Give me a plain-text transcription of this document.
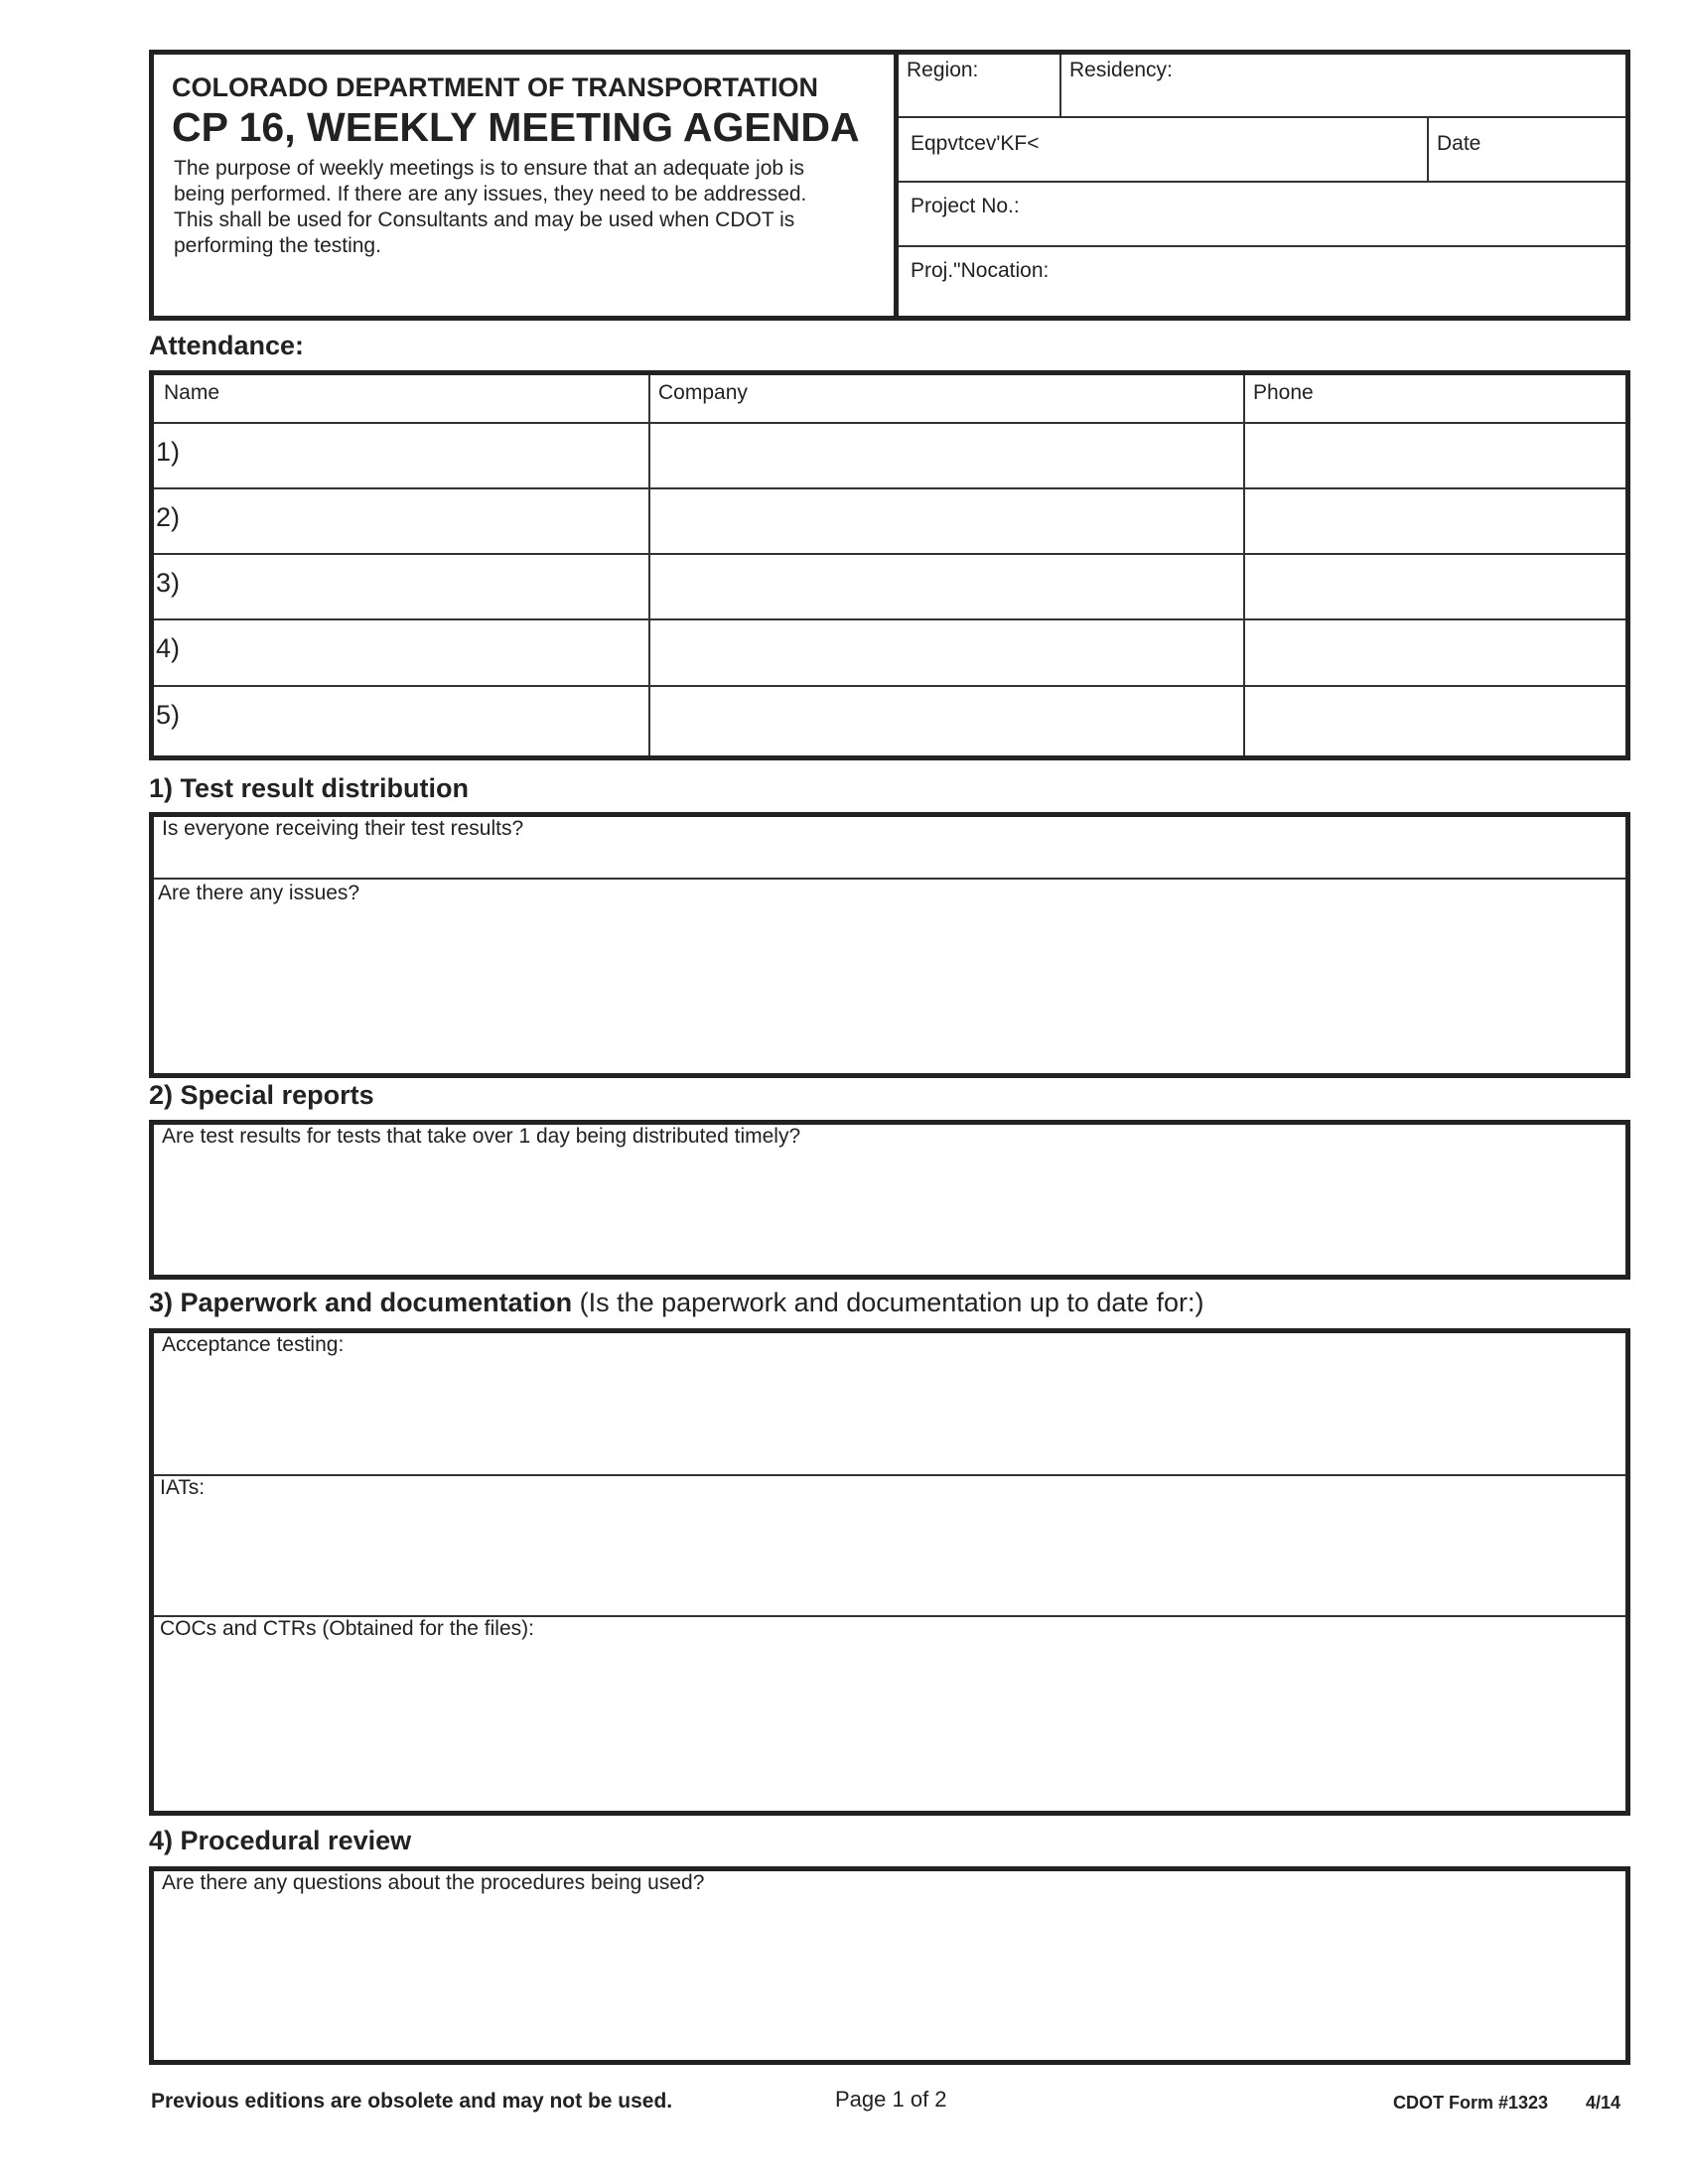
COLORADO DEPARTMENT OF TRANSPORTATION
CP 16, WEEKLY MEETING AGENDA
The purpose of weekly meetings is to ensure that an adequate job is
being performed. If there are any issues, they need to be addressed.
This shall be used for Consultants and may be used when CDOT is
performing the testing.
Region:	Residency:
Eqpvtcev'KF<	Date
Project No.:
Proj."Nocation:
Attendance:
Name	Company	Phone
1)
2)
3)
4)
5)
1) Test result distribution
Is everyone receiving their test results?
Are there any issues?
2) Special reports
Are test results for tests that take over 1 day being distributed timely?
3) Paperwork and documentation (Is the paperwork and documentation up to date for:)
Acceptance testing:
IATs:
COCs and CTRs (Obtained for the files):
4) Procedural review
Are there any questions about the procedures being used?
Previous editions are obsolete and may not be used.	Page 1 of 2	CDOT Form #1323 4/14
